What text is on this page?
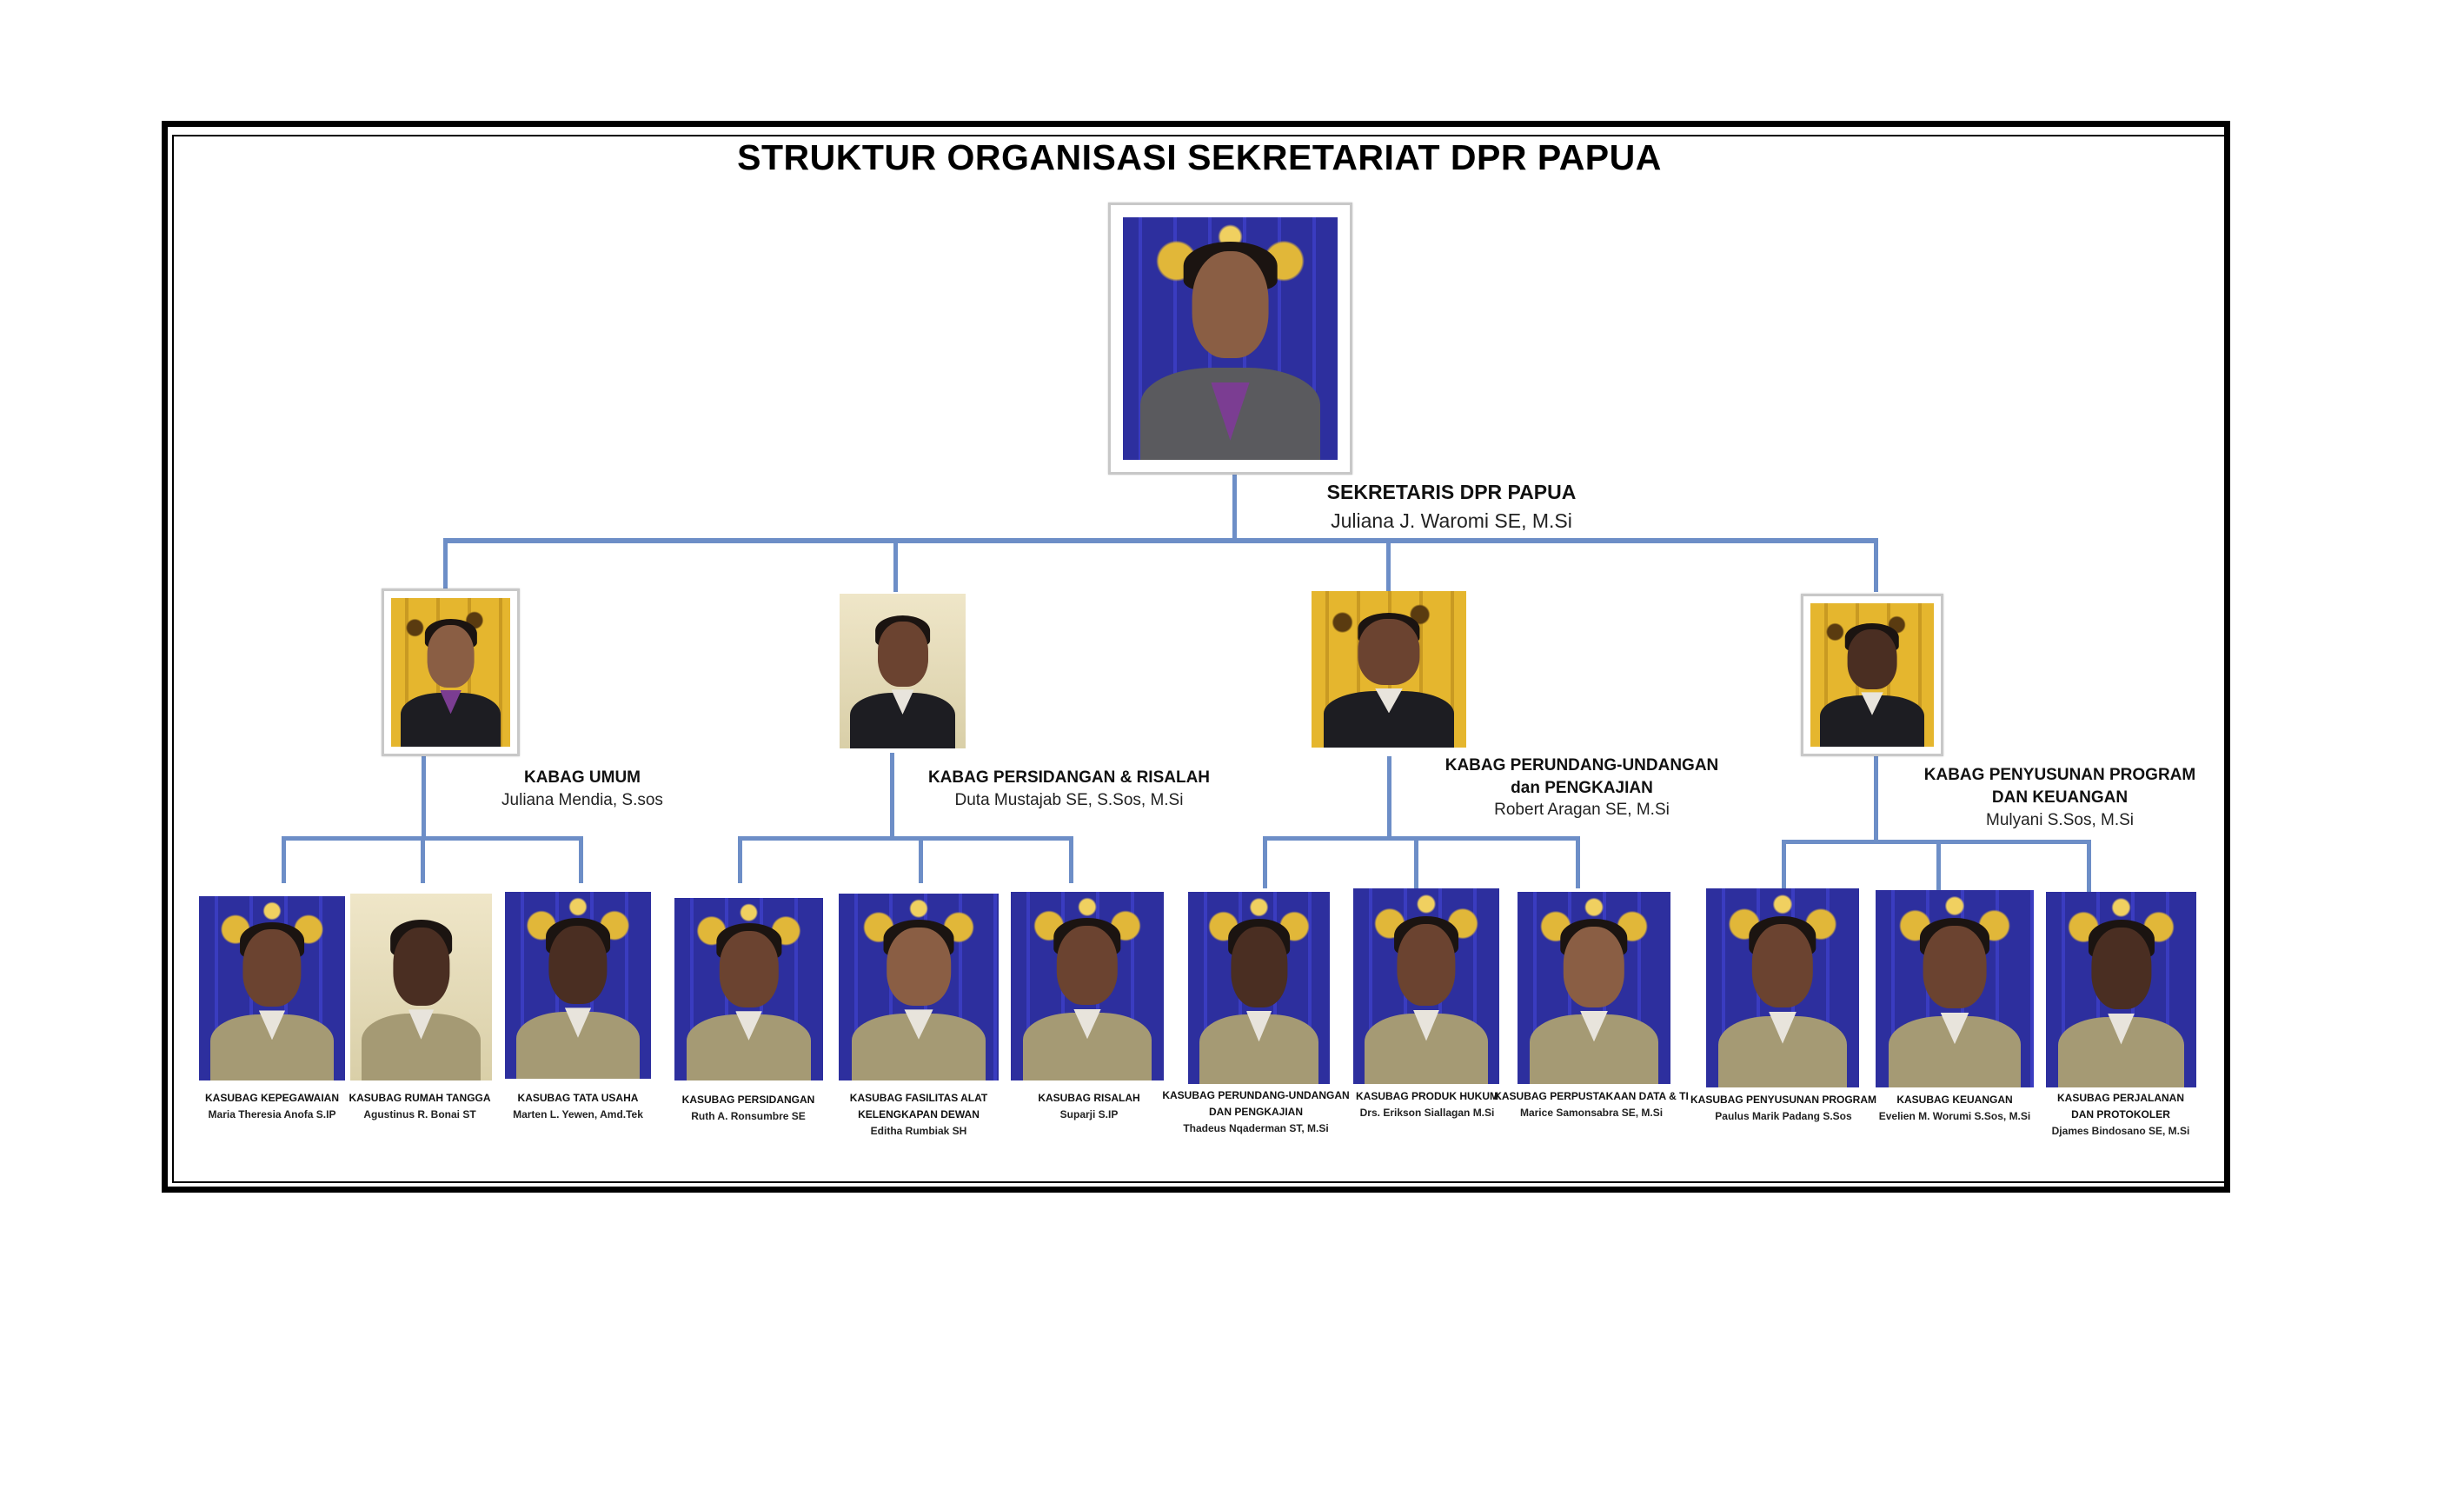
STRUKTUR ORGANISASI SEKRETARIAT DPR PAPUA
SEKRETARIS DPR PAPUA
Juliana J. Waromi SE, M.Si
KABAG UMUM
Juliana Mendia, S.sos
KABAG PERSIDANGAN & RISALAH
Duta Mustajab SE, S.Sos, M.Si
KABAG PERUNDANG-UNDANGAN
dan PENGKAJIAN
Robert Aragan SE, M.Si
KABAG PENYUSUNAN PROGRAM
DAN KEUANGAN
Mulyani S.Sos, M.Si
KASUBAG KEPEGAWAIAN
Maria Theresia Anofa S.IP
KASUBAG RUMAH TANGGA
Agustinus R. Bonai ST
KASUBAG TATA USAHA
Marten L. Yewen, Amd.Tek
KASUBAG PERSIDANGAN
Ruth A. Ronsumbre SE
KASUBAG FASILITAS ALAT
KELENGKAPAN DEWAN
Editha Rumbiak SH
KASUBAG RISALAH
Suparji S.IP
KASUBAG PERUNDANG-UNDANGAN
DAN PENGKAJIAN
Thadeus Nqaderman ST, M.Si
KASUBAG PRODUK HUKUM
Drs. Erikson Siallagan M.Si
KASUBAG PERPUSTAKAAN DATA & TI
Marice Samonsabra SE, M.Si
KASUBAG PENYUSUNAN PROGRAM
Paulus Marik Padang S.Sos
KASUBAG KEUANGAN
Evelien M. Worumi S.Sos, M.Si
KASUBAG PERJALANAN
DAN PROTOKOLER
Djames Bindosano SE, M.Si
